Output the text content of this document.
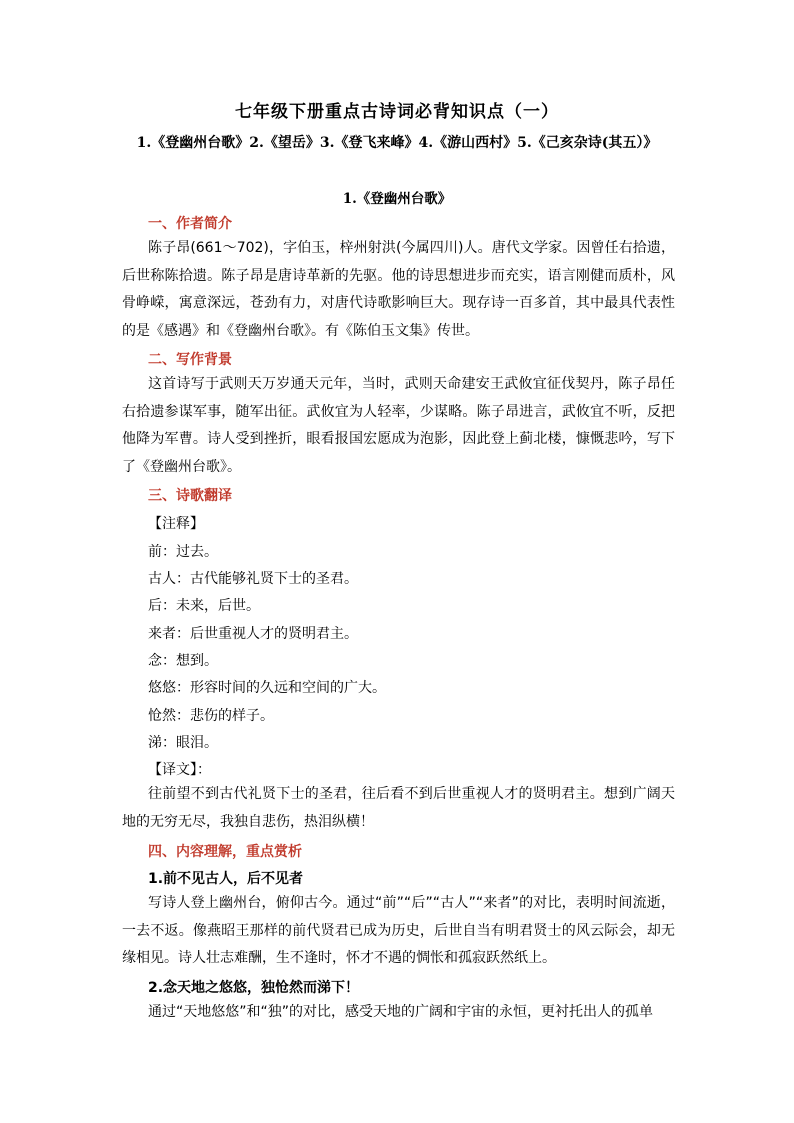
七年级下册重点古诗词必背知识点（一）
1.《登幽州台歌》2.《望岳》3.《登飞来峰》4.《游山西村》5.《己亥杂诗(其五）》
1.《登幽州台歌》
一、作者简介
陈子昂(661～702)，字伯玉，梓州射洪(今属四川)人。唐代文学家。因曾任右拾遗，后世称陈拾遗。陈子昂是唐诗革新的先驱。他的诗思想进步而充实，语言刚健而质朴，风骨峥嵘，寓意深远，苍劲有力，对唐代诗歌影响巨大。现存诗一百多首，其中最具代表性的是《感遇》和《登幽州台歌》。有《陈伯玉文集》传世。
二、写作背景
这首诗写于武则天万岁通天元年，当时，武则天命建安王武攸宜征伐契丹，陈子昂任右拾遗参谋军事，随军出征。武攸宜为人轻率，少谋略。陈子昂进言，武攸宜不听，反把他降为军曹。诗人受到挫折，眼看报国宏愿成为泡影，因此登上蓟北楼，慷慨悲吟，写下了《登幽州台歌》。
三、诗歌翻译
【注释】
前：过去。
古人：古代能够礼贤下士的圣君。
后：未来，后世。
来者：后世重视人才的贤明君主。
念：想到。
悠悠：形容时间的久远和空间的广大。
怆然：悲伤的样子。
涕：眼泪。
【译文】：
往前望不到古代礼贤下士的圣君，往后看不到后世重视人才的贤明君主。想到广阔天地的无穷无尽，我独自悲伤，热泪纵横！
四、内容理解，重点赏析
1.前不见古人，后不见者
写诗人登上幽州台，俯仰古今。通过“前”“后”“古人”“来者”的对比，表明时间流逝，一去不返。像燕昭王那样的前代贤君已成为历史，后世自当有明君贤士的风云际会，却无缘相见。诗人壮志难酬，生不逢时，怀才不遇的惆怅和孤寂跃然纸上。
2.念天地之悠悠，独怆然而涕下！
通过“天地悠悠”和“独”的对比，感受天地的广阔和宇宙的永恒，更衬托出人的孤单
